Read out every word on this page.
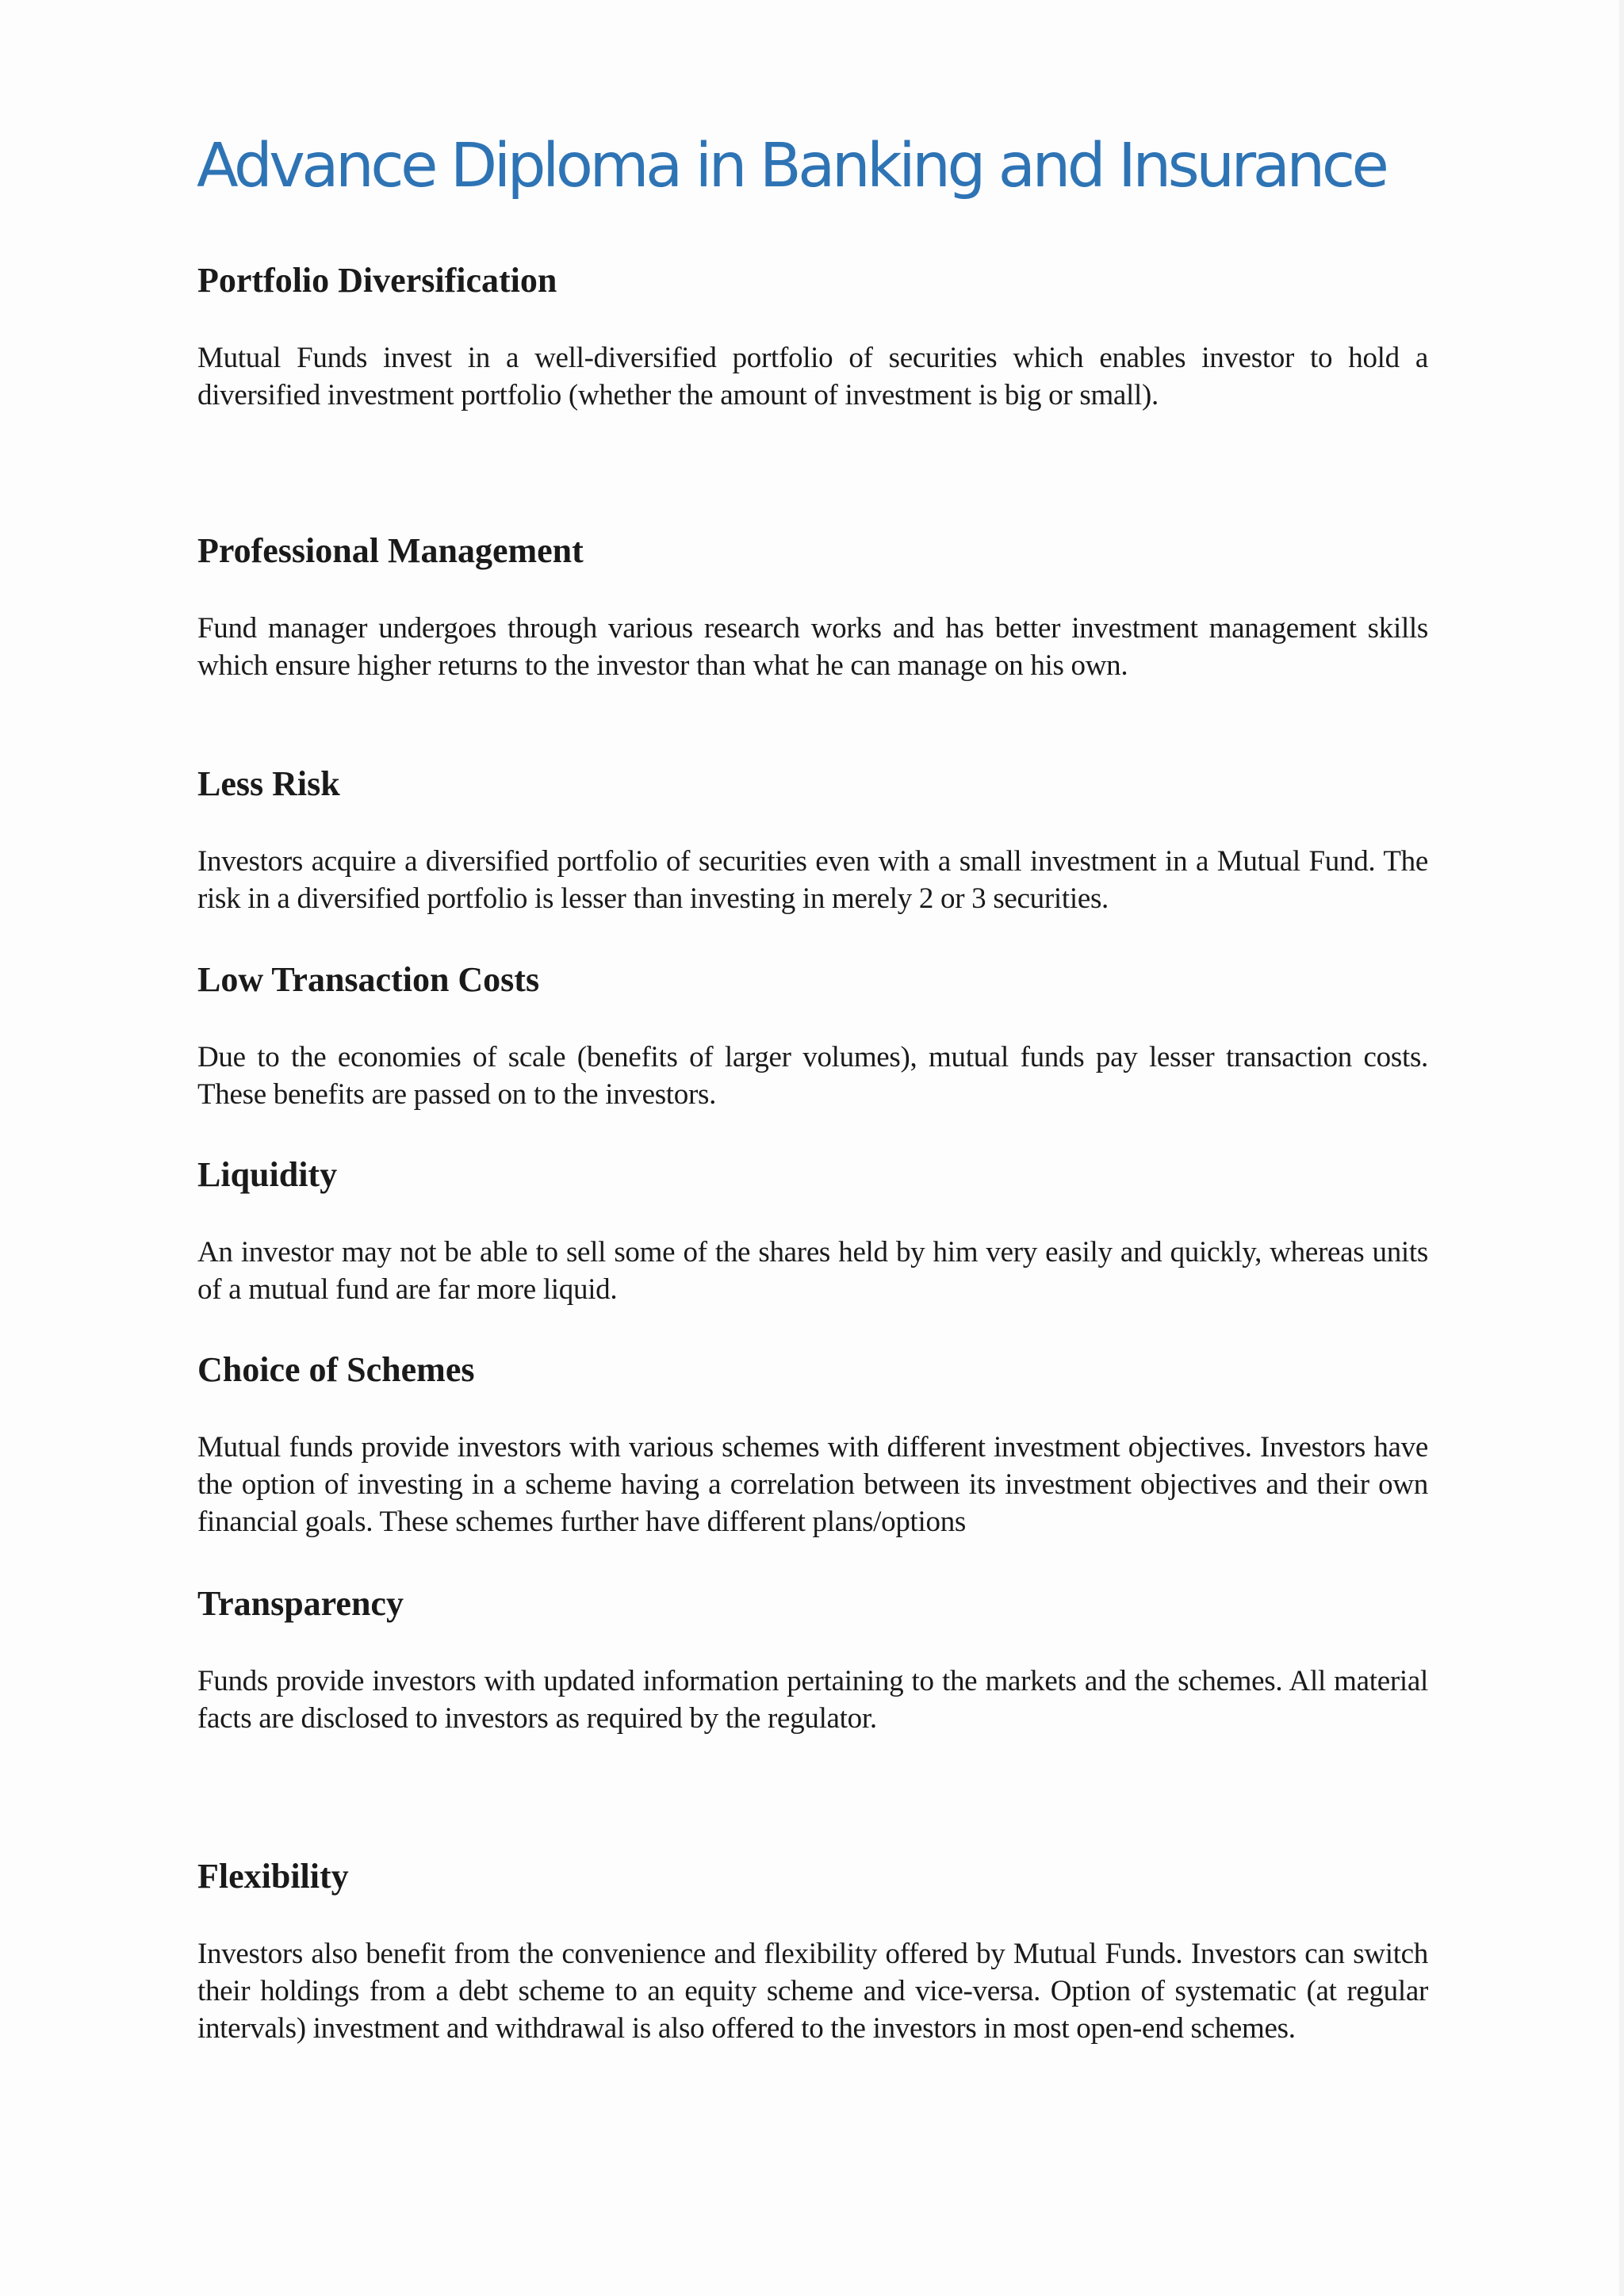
Advance Diploma in Banking and Insurance
Portfolio Diversification

Mutual Funds invest in a well-diversified portfolio of securities which enables investor to hold a diversified investment portfolio (whether the amount of investment is big or small).

Professional Management

Fund manager undergoes through various research works and has better investment management skills which ensure higher returns to the investor than what he can manage on his own.

Less Risk

Investors acquire a diversified portfolio of securities even with a small investment in a Mutual Fund. The risk in a diversified portfolio is lesser than investing in merely 2 or 3 securities.

Low Transaction Costs

Due to the economies of scale (benefits of larger volumes), mutual funds pay lesser transaction costs. These benefits are passed on to the investors.

Liquidity

An investor may not be able to sell some of the shares held by him very easily and quickly, whereas units of a mutual fund are far more liquid.

Choice of Schemes

Mutual funds provide investors with various schemes with different investment objectives. Investors have the option of investing in a scheme having a correlation between its investment objectives and their own financial goals. These schemes further have different plans/options

Transparency

Funds provide investors with updated information pertaining to the markets and the schemes. All material facts are disclosed to investors as required by the regulator.

Flexibility

Investors also benefit from the convenience and flexibility offered by Mutual Funds. Investors can switch their holdings from a debt scheme to an equity scheme and vice-versa. Option of systematic (at regular intervals) investment and withdrawal is also offered to the investors in most open-end schemes.
